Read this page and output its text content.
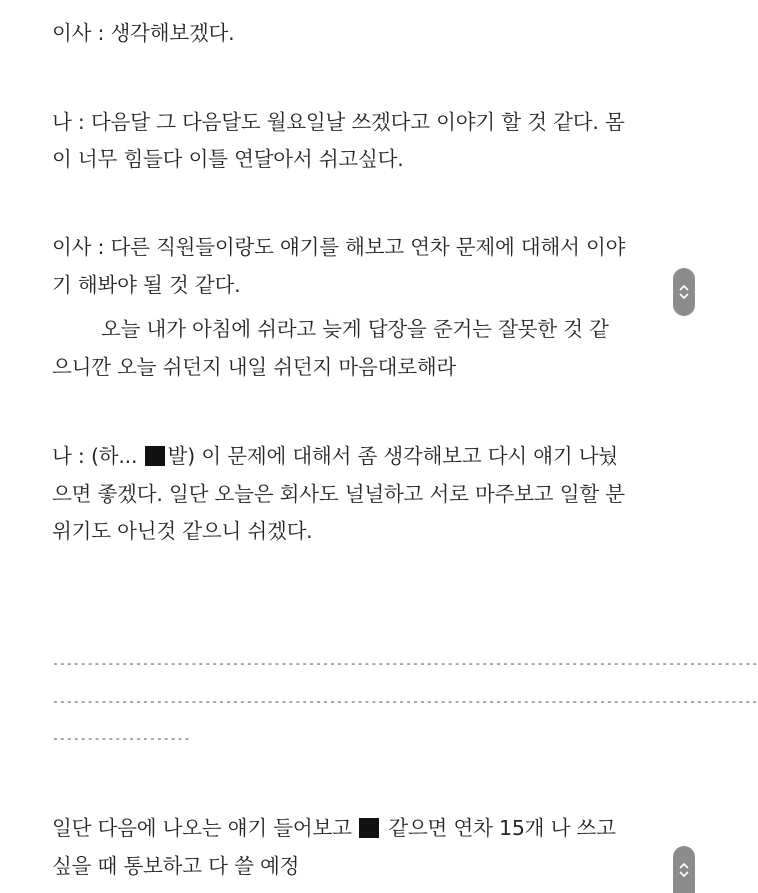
이사 : 생각해보겠다.
나 : 다음달 그 다음달도 월요일날 쓰겠다고 이야기 할 것 같다. 몸
이 너무 힘들다 이틀 연달아서 쉬고싶다.
이사 : 다른 직원들이랑도 얘기를 해보고 연차 문제에 대해서 이야
기 해봐야 될 것 같다.
오늘 내가 아침에 쉬라고 늦게 답장을 준거는 잘못한 것 같
으니깐 오늘 쉬던지 내일 쉬던지 마음대로해라
나 : (하... 발) 이 문제에 대해서 좀 생각해보고 다시 얘기 나눴
으면 좋겠다. 일단 오늘은 회사도 널널하고 서로 마주보고 일할 분
위기도 아닌것 같으니 쉬겠다.
------------------------------------------------------------------------------------------------------
------------------------------------------------------------------------------------------------------
--------------------
일단 다음에 나오는 얘기 들어보고  같으면 연차 15개 나 쓰고
싶을 때 통보하고 다 쓸 예정
